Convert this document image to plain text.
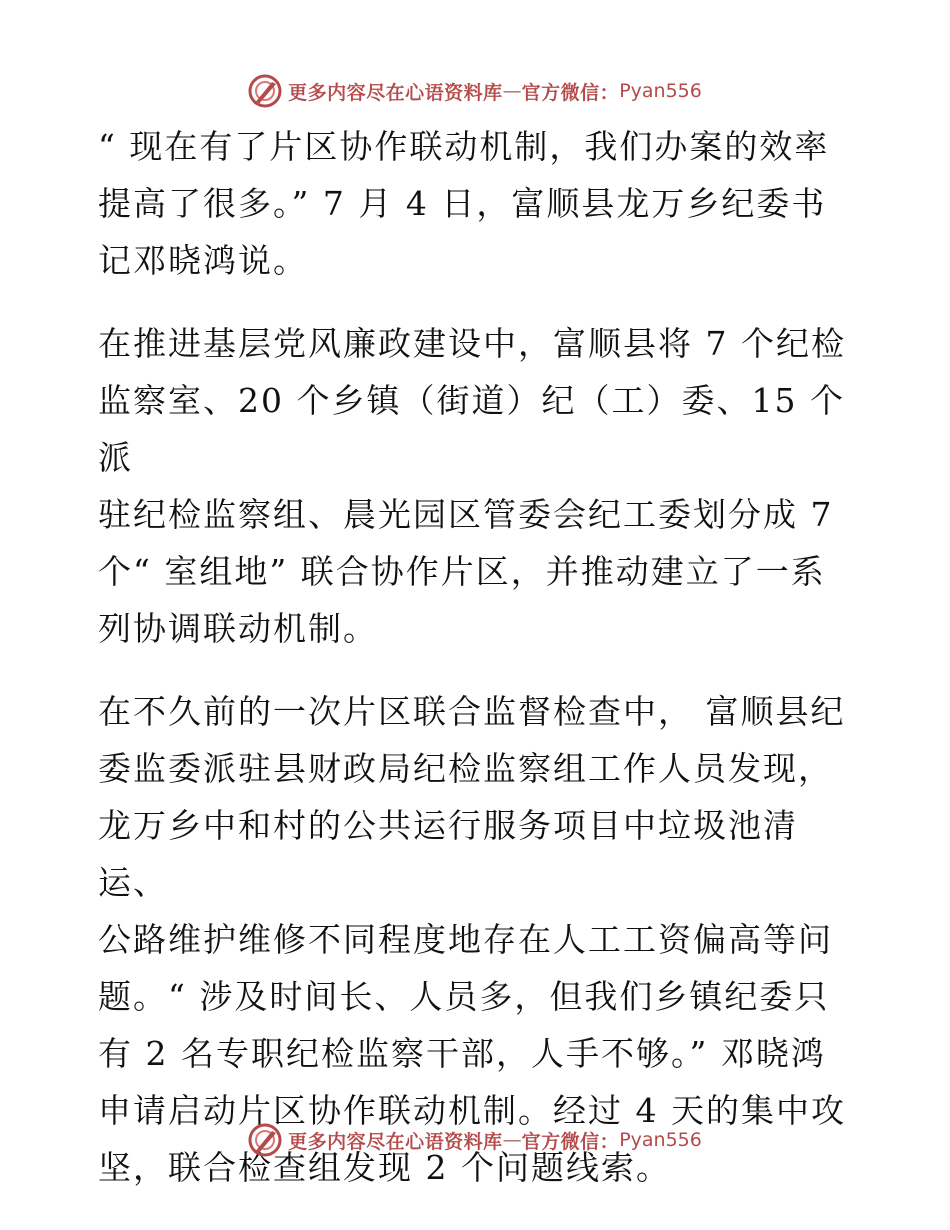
更多内容尽在心语资料库 — 官方微信： Pyan556

“ 现在有了片区协作联动机制，我们办案的效率
提高了很多。” 7 月 4 日，富顺县龙万乡纪委书
记邓晓鸿说。

在推进基层党风廉政建设中，富顺县将 7 个纪检
监察室、20 个乡镇（街道）纪（工）委、15 个派
驻纪检监察组、晨光园区管委会纪工委划分成 7
个“ 室组地” 联合协作片区，并推动建立了一系
列协调联动机制。

在不久前的一次片区联合监督检查中， 富顺县纪
委监委派驻县财政局纪检监察组工作人员发现，
龙万乡中和村的公共运行服务项目中垃圾池清运、
公路维护维修不同程度地存在人工工资偏高等问
题。“ 涉及时间长、人员多，但我们乡镇纪委只
有 2 名专职纪检监察干部，人手不够。” 邓晓鸿
申请启动片区协作联动机制。经过 4 天的集中攻
坚，联合检查组发现 2 个问题线索。

更多内容尽在心语资料库 — 官方微信： Pyan556
